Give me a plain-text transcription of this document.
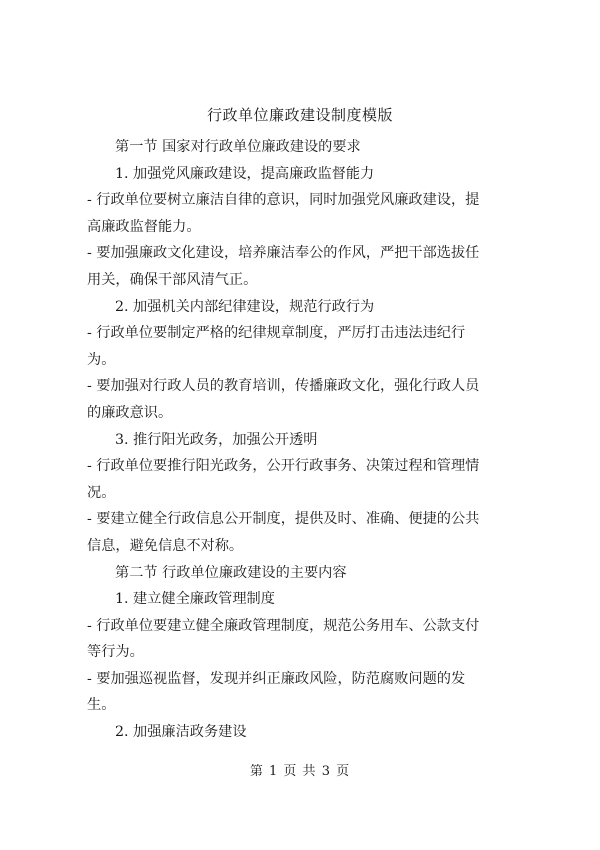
行政单位廉政建设制度模版
第一节 国家对行政单位廉政建设的要求
1. 加强党风廉政建设，提高廉政监督能力
- 行政单位要树立廉洁自律的意识，同时加强党风廉政建设，提
高廉政监督能力。
- 要加强廉政文化建设，培养廉洁奉公的作风，严把干部选拔任
用关，确保干部风清气正。
2. 加强机关内部纪律建设，规范行政行为
- 行政单位要制定严格的纪律规章制度，严厉打击违法违纪行
为。
- 要加强对行政人员的教育培训，传播廉政文化，强化行政人员
的廉政意识。
3. 推行阳光政务，加强公开透明
- 行政单位要推行阳光政务，公开行政事务、决策过程和管理情
况。
- 要建立健全行政信息公开制度，提供及时、准确、便捷的公共
信息，避免信息不对称。
第二节 行政单位廉政建设的主要内容
1. 建立健全廉政管理制度
- 行政单位要建立健全廉政管理制度，规范公务用车、公款支付
等行为。
- 要加强巡视监督，发现并纠正廉政风险，防范腐败问题的发
生。
2. 加强廉洁政务建设
第 1 页 共 3 页
